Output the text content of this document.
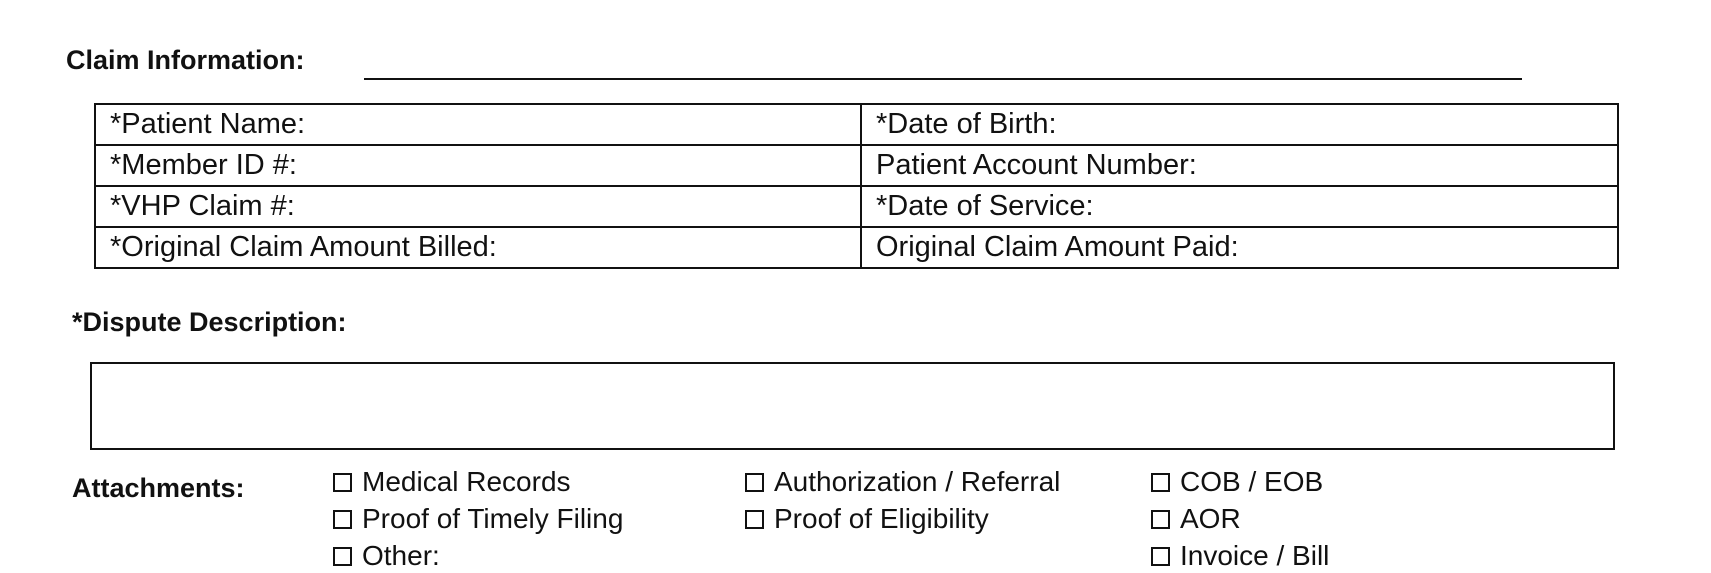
Claim Information:
*Patient Name:	*Date of Birth:
*Member ID #:	Patient Account Number:
*VHP Claim #:	*Date of Service:
*Original Claim Amount Billed:	Original Claim Amount Paid:
*Dispute Description:
Attachments:	Medical Records
Proof of Timely Filing
Other:
Authorization / Referral
Proof of Eligibility
COB / EOB
AOR
Invoice / Bill
